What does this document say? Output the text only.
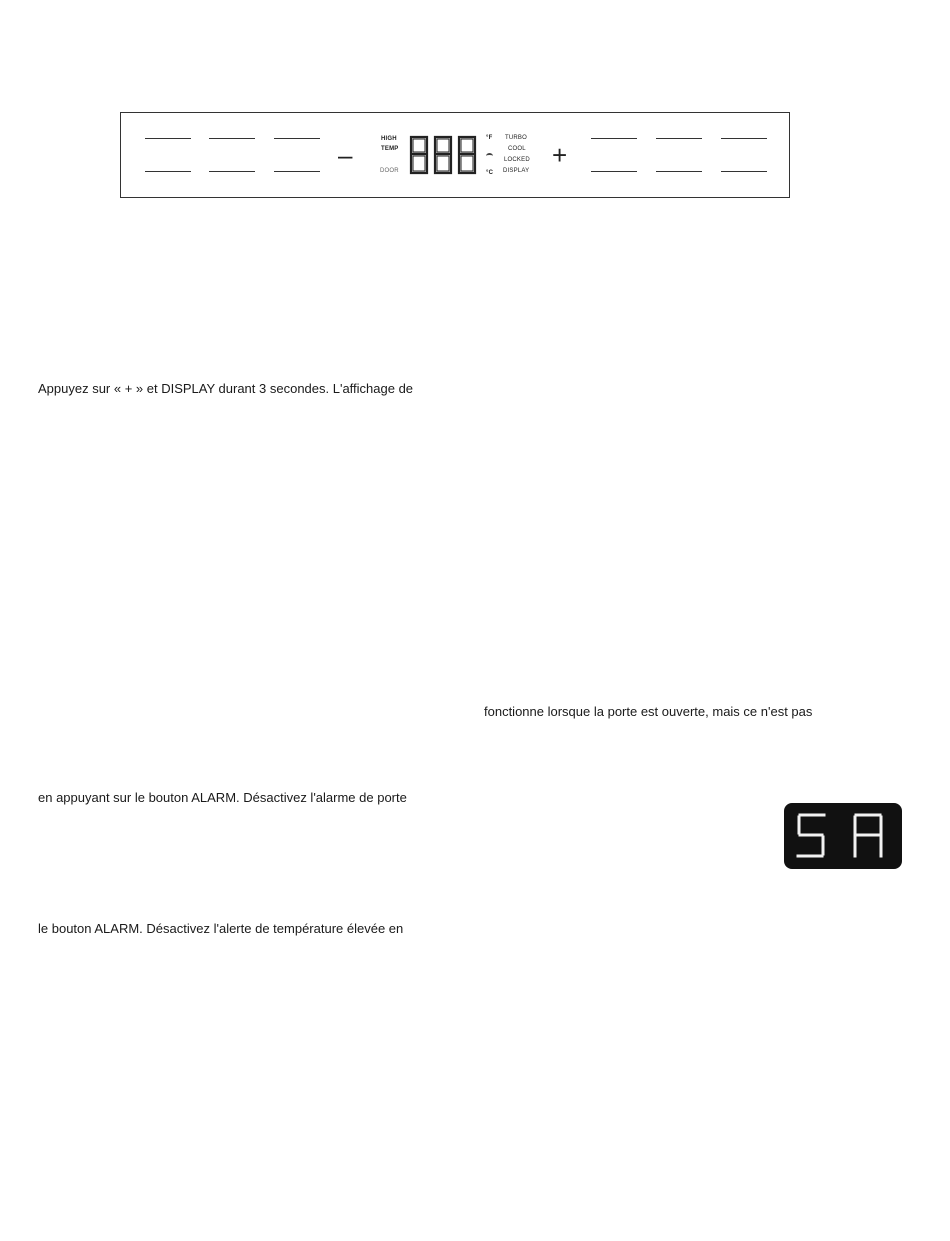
–
HIGH
TEMP
DOOR
°F
°C
TURBO
COOL
LOCKED
DISPLAY
+
Appuyez sur « + » et DISPLAY durant 3 secondes. L'affichage de
fonctionne lorsque la porte est ouverte, mais ce n'est pas
en appuyant sur le bouton ALARM. Désactivez l'alarme de porte
le bouton ALARM. Désactivez l'alerte de température élevée en
SA
